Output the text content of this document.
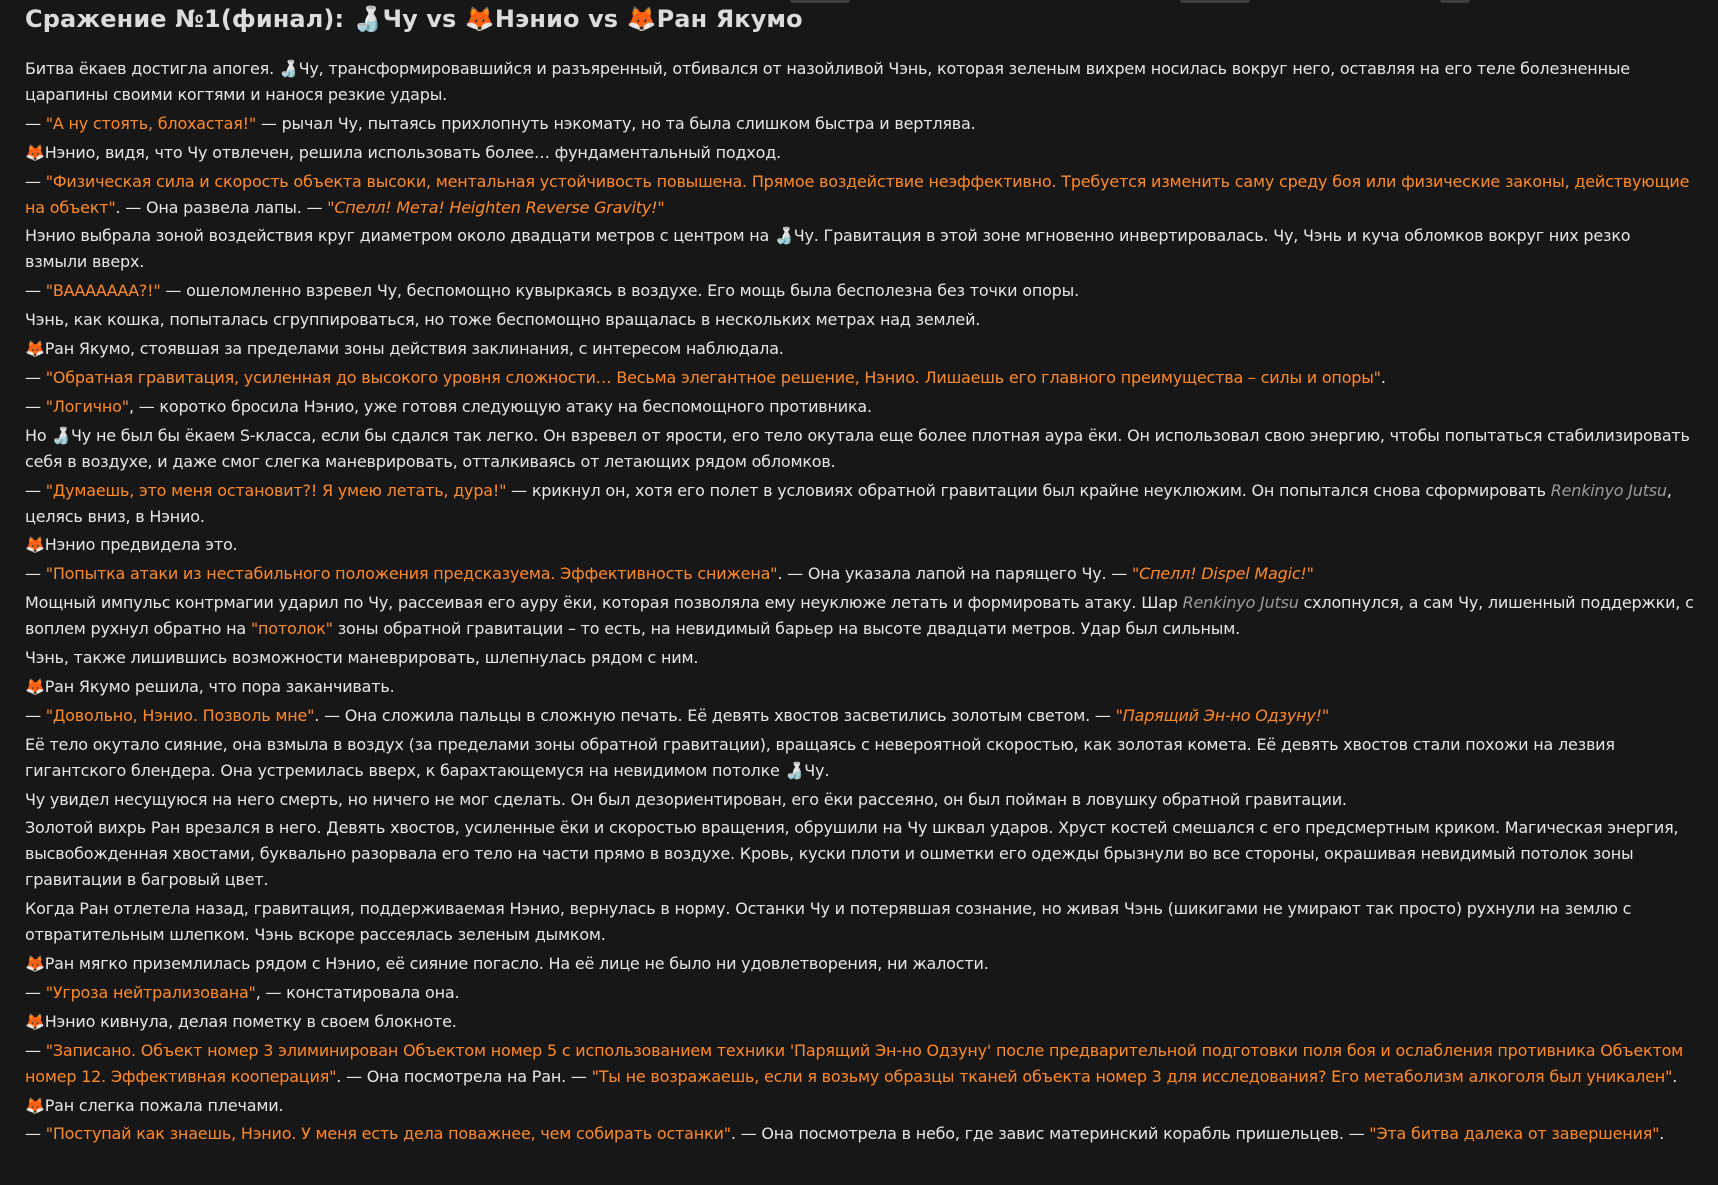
Сражение №1(финал): 🍶Чу vs 🦊Нэнио vs 🦊Ран Якумо

Битва ёкаев достигла апогея. 🍶Чу, трансформировавшийся и разъяренный, отбивался от назойливой Чэнь, которая зеленым вихрем носилась вокруг него, оставляя на его теле болезненные царапины своими когтями и нанося резкие удары.

— "А ну стоять, блохастая!" — рычал Чу, пытаясь прихлопнуть нэкомату, но та была слишком быстра и вертлява.

🦊Нэнио, видя, что Чу отвлечен, решила использовать более… фундаментальный подход.

— "Физическая сила и скорость объекта высоки, ментальная устойчивость повышена. Прямое воздействие неэффективно. Требуется изменить саму среду боя или физические законы, действующие на объект". — Она развела лапы. — "Спелл! Мета! Heighten Reverse Gravity!"

Нэнио выбрала зоной воздействия круг диаметром около двадцати метров с центром на 🍶Чу. Гравитация в этой зоне мгновенно инвертировалась. Чу, Чэнь и куча обломков вокруг них резко взмыли вверх.

— "ВААААААА?!" — ошеломленно взревел Чу, беспомощно кувыркаясь в воздухе. Его мощь была бесполезна без точки опоры.

Чэнь, как кошка, попыталась сгруппироваться, но тоже беспомощно вращалась в нескольких метрах над землей.

🦊Ран Якумо, стоявшая за пределами зоны действия заклинания, с интересом наблюдала.

— "Обратная гравитация, усиленная до высокого уровня сложности… Весьма элегантное решение, Нэнио. Лишаешь его главного преимущества – силы и опоры".

— "Логично", — коротко бросила Нэнио, уже готовя следующую атаку на беспомощного противника.

Но 🍶Чу не был бы ёкаем S-класса, если бы сдался так легко. Он взревел от ярости, его тело окутала еще более плотная аура ёки. Он использовал свою энергию, чтобы попытаться стабилизировать себя в воздухе, и даже смог слегка маневрировать, отталкиваясь от летающих рядом обломков.

— "Думаешь, это меня остановит?! Я умею летать, дура!" — крикнул он, хотя его полет в условиях обратной гравитации был крайне неуклюжим. Он попытался снова сформировать Renkinyo Jutsu, целясь вниз, в Нэнио.

🦊Нэнио предвидела это.

— "Попытка атаки из нестабильного положения предсказуема. Эффективность снижена". — Она указала лапой на парящего Чу. — "Спелл! Dispel Magic!"

Мощный импульс контрмагии ударил по Чу, рассеивая его ауру ёки, которая позволяла ему неуклюже летать и формировать атаку. Шар Renkinyo Jutsu схлопнулся, а сам Чу, лишенный поддержки, с воплем рухнул обратно на "потолок" зоны обратной гравитации – то есть, на невидимый барьер на высоте двадцати метров. Удар был сильным.

Чэнь, также лишившись возможности маневрировать, шлепнулась рядом с ним.

🦊Ран Якумо решила, что пора заканчивать.

— "Довольно, Нэнио. Позволь мне". — Она сложила пальцы в сложную печать. Её девять хвостов засветились золотым светом. — "Парящий Эн-но Одзуну!"

Её тело окутало сияние, она взмыла в воздух (за пределами зоны обратной гравитации), вращаясь с невероятной скоростью, как золотая комета. Её девять хвостов стали похожи на лезвия гигантского блендера. Она устремилась вверх, к барахтающемуся на невидимом потолке 🍶Чу.

Чу увидел несущуюся на него смерть, но ничего не мог сделать. Он был дезориентирован, его ёки рассеяно, он был пойман в ловушку обратной гравитации.

Золотой вихрь Ран врезался в него. Девять хвостов, усиленные ёки и скоростью вращения, обрушили на Чу шквал ударов. Хруст костей смешался с его предсмертным криком. Магическая энергия, высвобожденная хвостами, буквально разорвала его тело на части прямо в воздухе. Кровь, куски плоти и ошметки его одежды брызнули во все стороны, окрашивая невидимый потолок зоны гравитации в багровый цвет.

Когда Ран отлетела назад, гравитация, поддерживаемая Нэнио, вернулась в норму. Останки Чу и потерявшая сознание, но живая Чэнь (шикигами не умирают так просто) рухнули на землю с отвратительным шлепком. Чэнь вскоре рассеялась зеленым дымком.

🦊Ран мягко приземлилась рядом с Нэнио, её сияние погасло. На её лице не было ни удовлетворения, ни жалости.

— "Угроза нейтрализована", — констатировала она.

🦊Нэнио кивнула, делая пометку в своем блокноте.

— "Записано. Объект номер 3 элиминирован Объектом номер 5 с использованием техники 'Парящий Эн-но Одзуну' после предварительной подготовки поля боя и ослабления противника Объектом номер 12. Эффективная кооперация". — Она посмотрела на Ран. — "Ты не возражаешь, если я возьму образцы тканей объекта номер 3 для исследования? Его метаболизм алкоголя был уникален".

🦊Ран слегка пожала плечами.

— "Поступай как знаешь, Нэнио. У меня есть дела поважнее, чем собирать останки". — Она посмотрела в небо, где завис материнский корабль пришельцев. — "Эта битва далека от завершения".
